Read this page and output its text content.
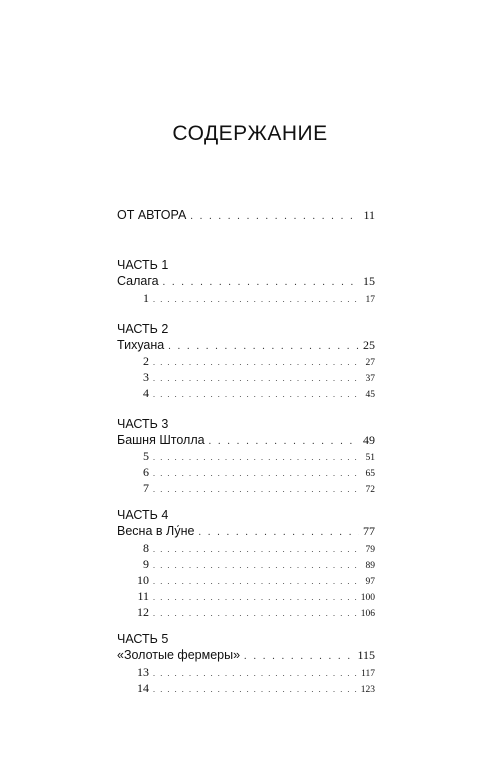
СОДЕРЖАНИЕ
ОТ АВТОРА . . .	11
ЧАСТЬ 1
Салага . . .	15
1 . . .	17
ЧАСТЬ 2
Тихуана . . .	25
2 . . .	27
3 . . .	37
4 . . .	45
ЧАСТЬ 3
Башня Штолла . . .	49
5 . . .	51
6 . . .	65
7 . . .	72
ЧАСТЬ 4
Весна в Лу́не . . .	77
8 . . .	79
9 . . .	89
10 . . .	97
11 . . .	100
12 . . .	106
ЧАСТЬ 5
«Золотые фермеры» . . .	115
13 . . .	117
14 . . .	123
